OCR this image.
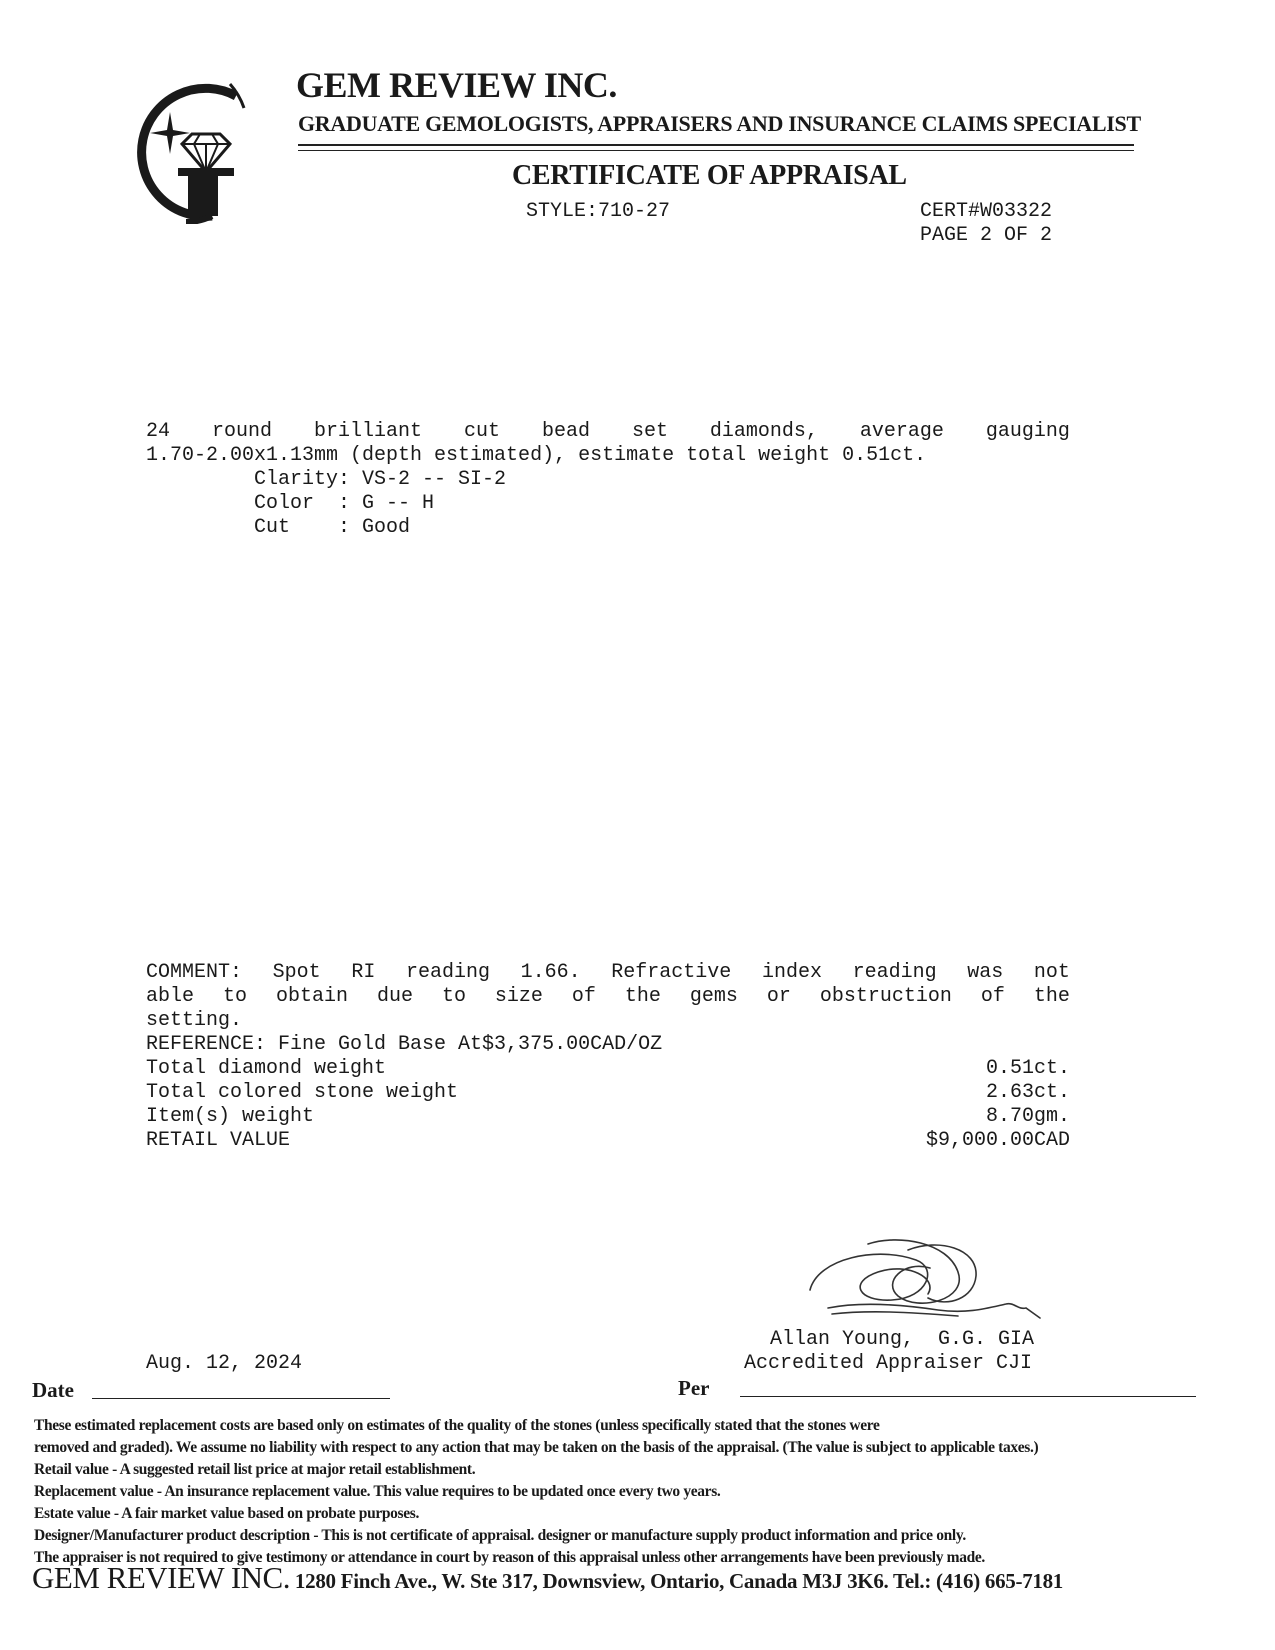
GEM REVIEW INC.
GRADUATE GEMOLOGISTS, APPRAISERS AND INSURANCE CLAIMS SPECIALIST
CERTIFICATE OF APPRAISAL
STYLE:710-27	CERT#W03322
PAGE 2 OF 2
24 round brilliant cut bead set diamonds, average gauging
1.70-2.00x1.13mm (depth estimated), estimate total weight 0.51ct.
Clarity: VS-2 -- SI-2
Color  : G -- H
Cut    : Good
COMMENT: Spot RI reading 1.66. Refractive index reading was not
able to obtain due to size of the gems or obstruction of the
setting.
REFERENCE: Fine Gold Base At$3,375.00CAD/OZ
Total diamond weight	0.51ct.
Total colored stone weight	2.63ct.
Item(s) weight	8.70gm.
RETAIL VALUE	$9,000.00CAD
Allan Young,  G.G. GIA
Accredited Appraiser CJI
Aug. 12, 2024
Date	Per
These estimated replacement costs are based only on estimates of the quality of the stones (unless specifically stated that the stones were
removed and graded). We assume no liability with respect to any action that may be taken on the basis of the appraisal. (The value is subject to applicable taxes.)
Retail value - A suggested retail list price at major retail establishment.
Replacement value - An insurance replacement value. This value requires to be updated once every two years.
Estate value - A fair market value based on probate purposes.
Designer/Manufacturer product description - This is not certificate of appraisal. designer or manufacture supply product information and price only.
The appraiser is not required to give testimony or attendance in court by reason of this appraisal unless other arrangements have been previously made.
GEM REVIEW INC. 1280 Finch Ave., W. Ste 317, Downsview, Ontario, Canada M3J 3K6. Tel.: (416) 665-7181
